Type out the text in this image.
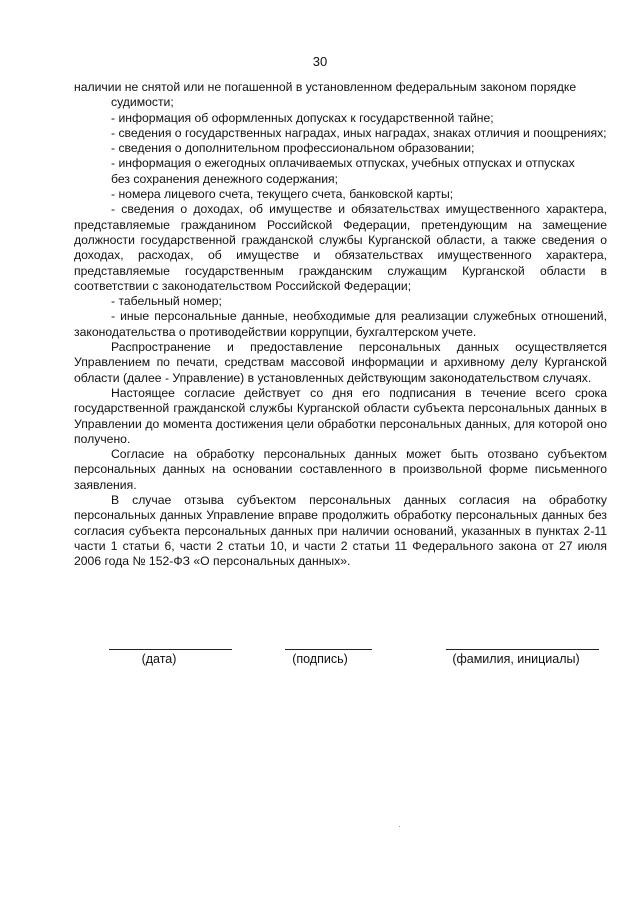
30

наличии не снятой или не погашенной в установленном федеральным законом порядке

судимости;

- информация об оформленных допусках к государственной тайне;

- сведения о государственных наградах, иных наградах, знаках отличия и поощрениях;

- сведения о дополнительном профессиональном образовании;

- информация о ежегодных оплачиваемых отпусках, учебных отпусках и отпусках

без сохранения денежного содержания;

- номера лицевого счета, текущего счета, банковской карты;

- сведения о доходах, об имуществе и обязательствах имущественного характера, представляемые гражданином Российской Федерации, претендующим на замещение должности государственной гражданской службы Курганской области, а также сведения о доходах, расходах, об имуществе и обязательствах имущественного характера, представляемые государственным гражданским служащим Курганской области в соответствии с законодательством Российской Федерации;

- табельный номер;

- иные персональные данные, необходимые для реализации служебных отношений, законодательства о противодействии коррупции, бухгалтерском учете.

Распространение и предоставление персональных данных осуществляется Управлением по печати, средствам массовой информации и архивному делу Курганской области (далее - Управление) в установленных действующим законодательством случаях.

Настоящее согласие действует со дня его подписания в течение всего срока государственной гражданской службы Курганской области субъекта персональных данных в Управлении до момента достижения цели обработки персональных данных, для которой оно получено.

Согласие на обработку персональных данных может быть отозвано субъектом персональных данных на основании составленного в произвольной форме письменного заявления.

В случае отзыва субъектом персональных данных согласия на обработку персональных данных Управление вправе продолжить обработку персональных данных без согласия субъекта персональных данных при наличии оснований, указанных в пунктах 2-11 части 1 статьи 6, части 2 статьи 10, и части 2 статьи 11 Федерального закона от 27 июля 2006 года № 152-ФЗ «О персональных данных».

(дата)	(подпись)	(фамилия, инициалы)
